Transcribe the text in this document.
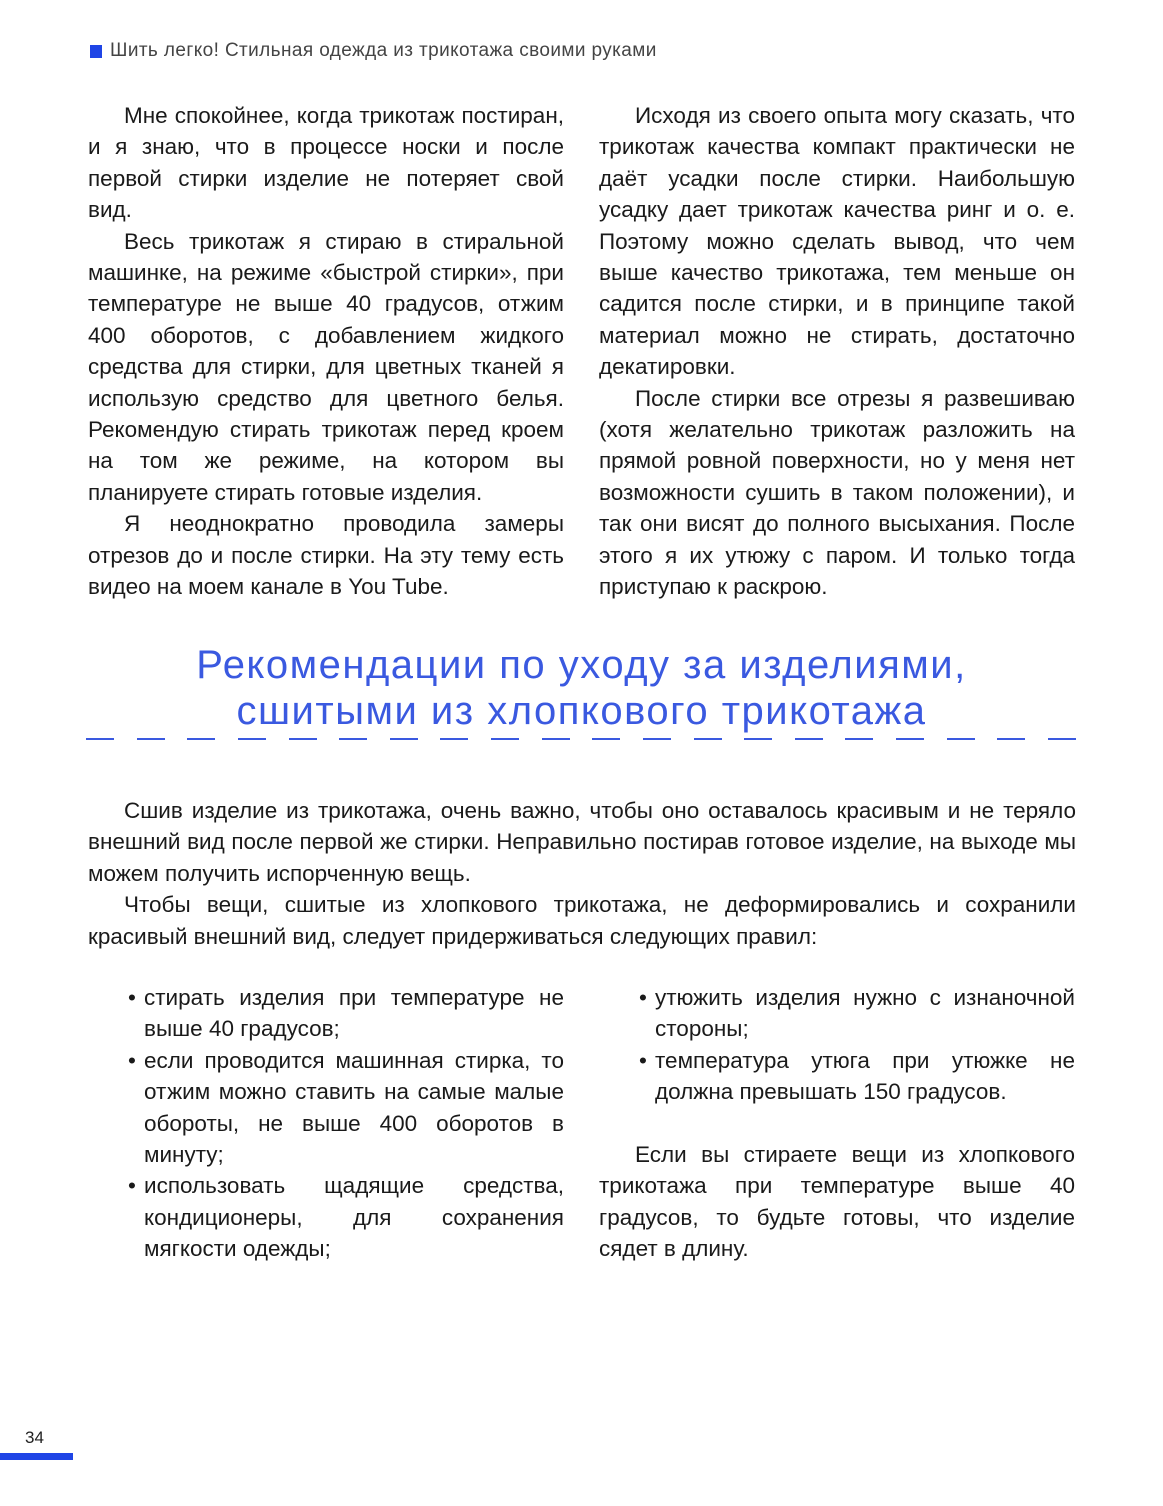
Шить легко! Стильная одежда из трикотажа своими руками

Мне спокойнее, когда трикотаж постиран, и я знаю, что в процессе носки и после первой стирки изделие не потеряет свой вид.

Весь трикотаж я стираю в стиральной машинке, на режиме «быстрой стирки», при температуре не выше 40 градусов, отжим 400 оборотов, с добавлением жидкого средства для стирки, для цветных тканей я использую средство для цветного белья. Рекомендую стирать трикотаж перед кроем на том же режиме, на котором вы планируете стирать готовые изделия.

Я неоднократно проводила замеры отрезов до и после стирки. На эту тему есть видео на моем канале в You Tube.

Исходя из своего опыта могу сказать, что трикотаж качества компакт практически не даёт усадки после стирки. Наибольшую усадку дает трикотаж качества ринг и о. е. Поэтому можно сделать вывод, что чем выше качество трикотажа, тем меньше он садится после стирки, и в принципе такой материал можно не стирать, достаточно декатировки.

После стирки все отрезы я развешиваю (хотя желательно трикотаж разложить на прямой ровной поверхности, но у меня нет возможности сушить в таком положении), и так они висят до полного высыхания. После этого я их утюжу с паром. И только тогда приступаю к раскрою.

Рекомендации по уходу за изделиями,
сшитыми из хлопкового трикотажа

Сшив изделие из трикотажа, очень важно, чтобы оно оставалось красивым и не теряло внешний вид после первой же стирки. Неправильно постирав готовое изделие, на выходе мы можем получить испорченную вещь.

Чтобы вещи, сшитые из хлопкового трикотажа, не деформировались и сохранили красивый внешний вид, следует придерживаться следующих правил:

• стирать изделия при температуре не выше 40 градусов;
• если проводится машинная стирка, то отжим можно ставить на самые малые обороты, не выше 400 оборотов в минуту;
• использовать щадящие средства, кондиционеры, для сохранения мягкости одежды;
• утюжить изделия нужно с изнаночной стороны;
• температура утюга при утюжке не должна превышать 150 градусов.

Если вы стираете вещи из хлопкового трикотажа при температуре выше 40 градусов, то будьте готовы, что изделие сядет в длину.

34
